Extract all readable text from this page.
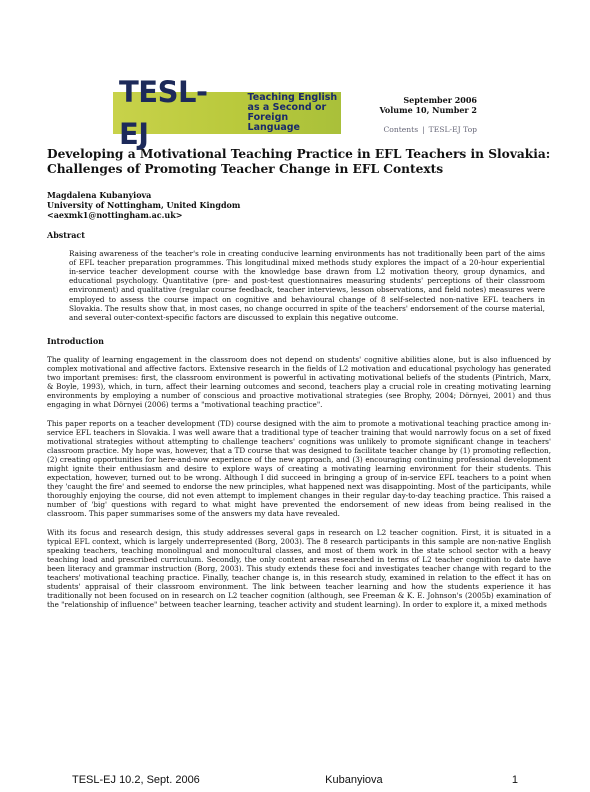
TESL-EJ
Teaching English
as a Second or
Foreign Language
September 2006
Volume 10, Number 2
Contents | TESL-EJ Top
Developing a Motivational Teaching Practice in EFL Teachers in Slovakia:
Challenges of Promoting Teacher Change in EFL Contexts
Magdalena Kubanyiova
University of Nottingham, United Kingdom
<aexmk1@nottingham.ac.uk>
Abstract
Raising awareness of the teacher's role in creating conducive learning environments has not traditionally been part of the aims of EFL teacher preparation programmes. This longitudinal mixed methods study explores the impact of a 20-hour experiential in-service teacher development course with the knowledge base drawn from L2 motivation theory, group dynamics, and educational psychology. Quantitative (pre- and post-test questionnaires measuring students' perceptions of their classroom environment) and qualitative (regular course feedback, teacher interviews, lesson observations, and field notes) measures were employed to assess the course impact on cognitive and behavioural change of 8 self-selected non-native EFL teachers in Slovakia. The results show that, in most cases, no change occurred in spite of the teachers' endorsement of the course material, and several outer-context-specific factors are discussed to explain this negative outcome.
Introduction

The quality of learning engagement in the classroom does not depend on students' cognitive abilities alone, but is also influenced by complex motivational and affective factors. Extensive research in the fields of L2 motivation and educational psychology has generated two important premises: first, the classroom environment is powerful in activating motivational beliefs of the students (Pintrich, Marx, & Boyle, 1993), which, in turn, affect their learning outcomes and second, teachers play a crucial role in creating motivating learning environments by employing a number of conscious and proactive motivational strategies (see Brophy, 2004; Dörnyei, 2001) and thus engaging in what Dörnyei (2006) terms a "motivational teaching practice".

This paper reports on a teacher development (TD) course designed with the aim to promote a motivational teaching practice among in-service EFL teachers in Slovakia. I was well aware that a traditional type of teacher training that would narrowly focus on a set of fixed motivational strategies without attempting to challenge teachers' cognitions was unlikely to promote significant change in teachers' classroom practice. My hope was, however, that a TD course that was designed to facilitate teacher change by (1) promoting reflection, (2) creating opportunities for here-and-now experience of the new approach, and (3) encouraging continuing professional development might ignite their enthusiasm and desire to explore ways of creating a motivating learning environment for their students. This expectation, however, turned out to be wrong. Although I did succeed in bringing a group of in-service EFL teachers to a point when they 'caught the fire' and seemed to endorse the new principles, what happened next was disappointing. Most of the participants, while thoroughly enjoying the course, did not even attempt to implement changes in their regular day-to-day teaching practice. This raised a number of 'big' questions with regard to what might have prevented the endorsement of new ideas from being realised in the classroom. This paper summarises some of the answers my data have revealed.

With its focus and research design, this study addresses several gaps in research on L2 teacher cognition. First, it is situated in a typical EFL context, which is largely underrepresented (Borg, 2003). The 8 research participants in this sample are non-native English speaking teachers, teaching monolingual and monocultural classes, and most of them work in the state school sector with a heavy teaching load and prescribed curriculum. Secondly, the only content areas researched in terms of L2 teacher cognition to date have been literacy and grammar instruction (Borg, 2003). This study extends these foci and investigates teacher change with regard to the teachers' motivational teaching practice. Finally, teacher change is, in this research study, examined in relation to the effect it has on students' appraisal of their classroom environment. The link between teacher learning and how the students experience it has traditionally not been focused on in research on L2 teacher cognition (although, see Freeman & K. E. Johnson's (2005b) examination of the "relationship of influence" between teacher learning, teacher activity and student learning). In order to explore it, a mixed methods

TESL-EJ 10.2, Sept. 2006	Kubanyiova	1
